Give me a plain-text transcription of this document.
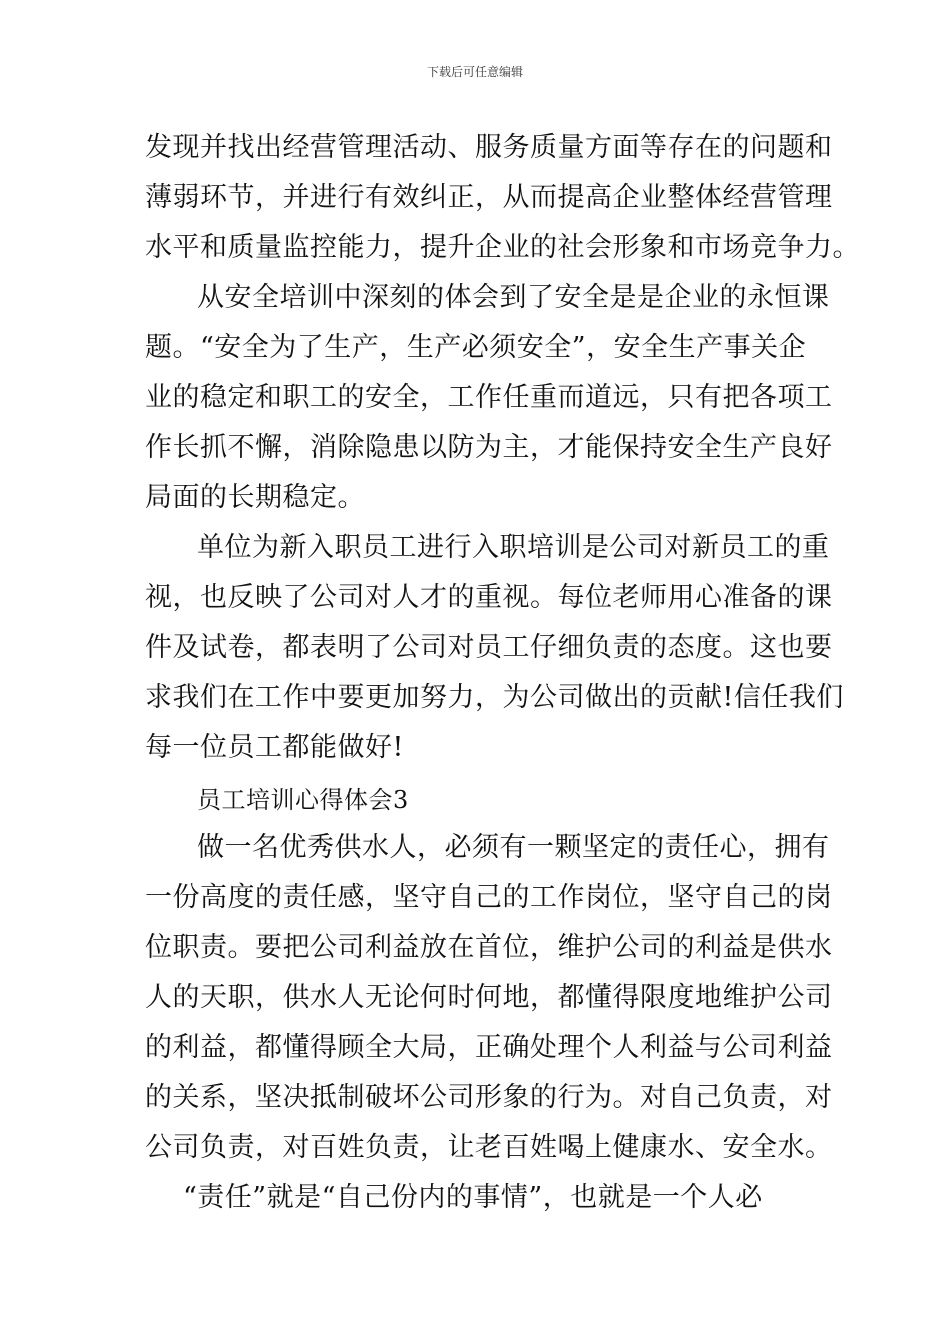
下载后可任意编辑
发现并找出经营管理活动、服务质量方面等存在的问题和
薄弱环节，并进行有效纠正，从而提高企业整体经营管理
水平和质量监控能力，提升企业的社会形象和市场竞争力。
从安全培训中深刻的体会到了安全是是企业的永恒课
题。“安全为了生产，生产必须安全”，安全生产事关企
业的稳定和职工的安全，工作任重而道远，只有把各项工
作长抓不懈，消除隐患以防为主，才能保持安全生产良好
局面的长期稳定。
单位为新入职员工进行入职培训是公司对新员工的重
视，也反映了公司对人才的重视。每位老师用心准备的课
件及试卷，都表明了公司对员工仔细负责的态度。这也要
求我们在工作中要更加努力，为公司做出的贡献!信任我们
每一位员工都能做好!
员工培训心得体会3
做一名优秀供水人，必须有一颗坚定的责任心，拥有
一份高度的责任感，坚守自己的工作岗位，坚守自己的岗
位职责。要把公司利益放在首位，维护公司的利益是供水
人的天职，供水人无论何时何地，都懂得限度地维护公司
的利益，都懂得顾全大局，正确处理个人利益与公司利益
的关系，坚决抵制破坏公司形象的行为。对自己负责，对
公司负责，对百姓负责，让老百姓喝上健康水、安全水。
“责任”就是“自己份内的事情”，也就是一个人必
